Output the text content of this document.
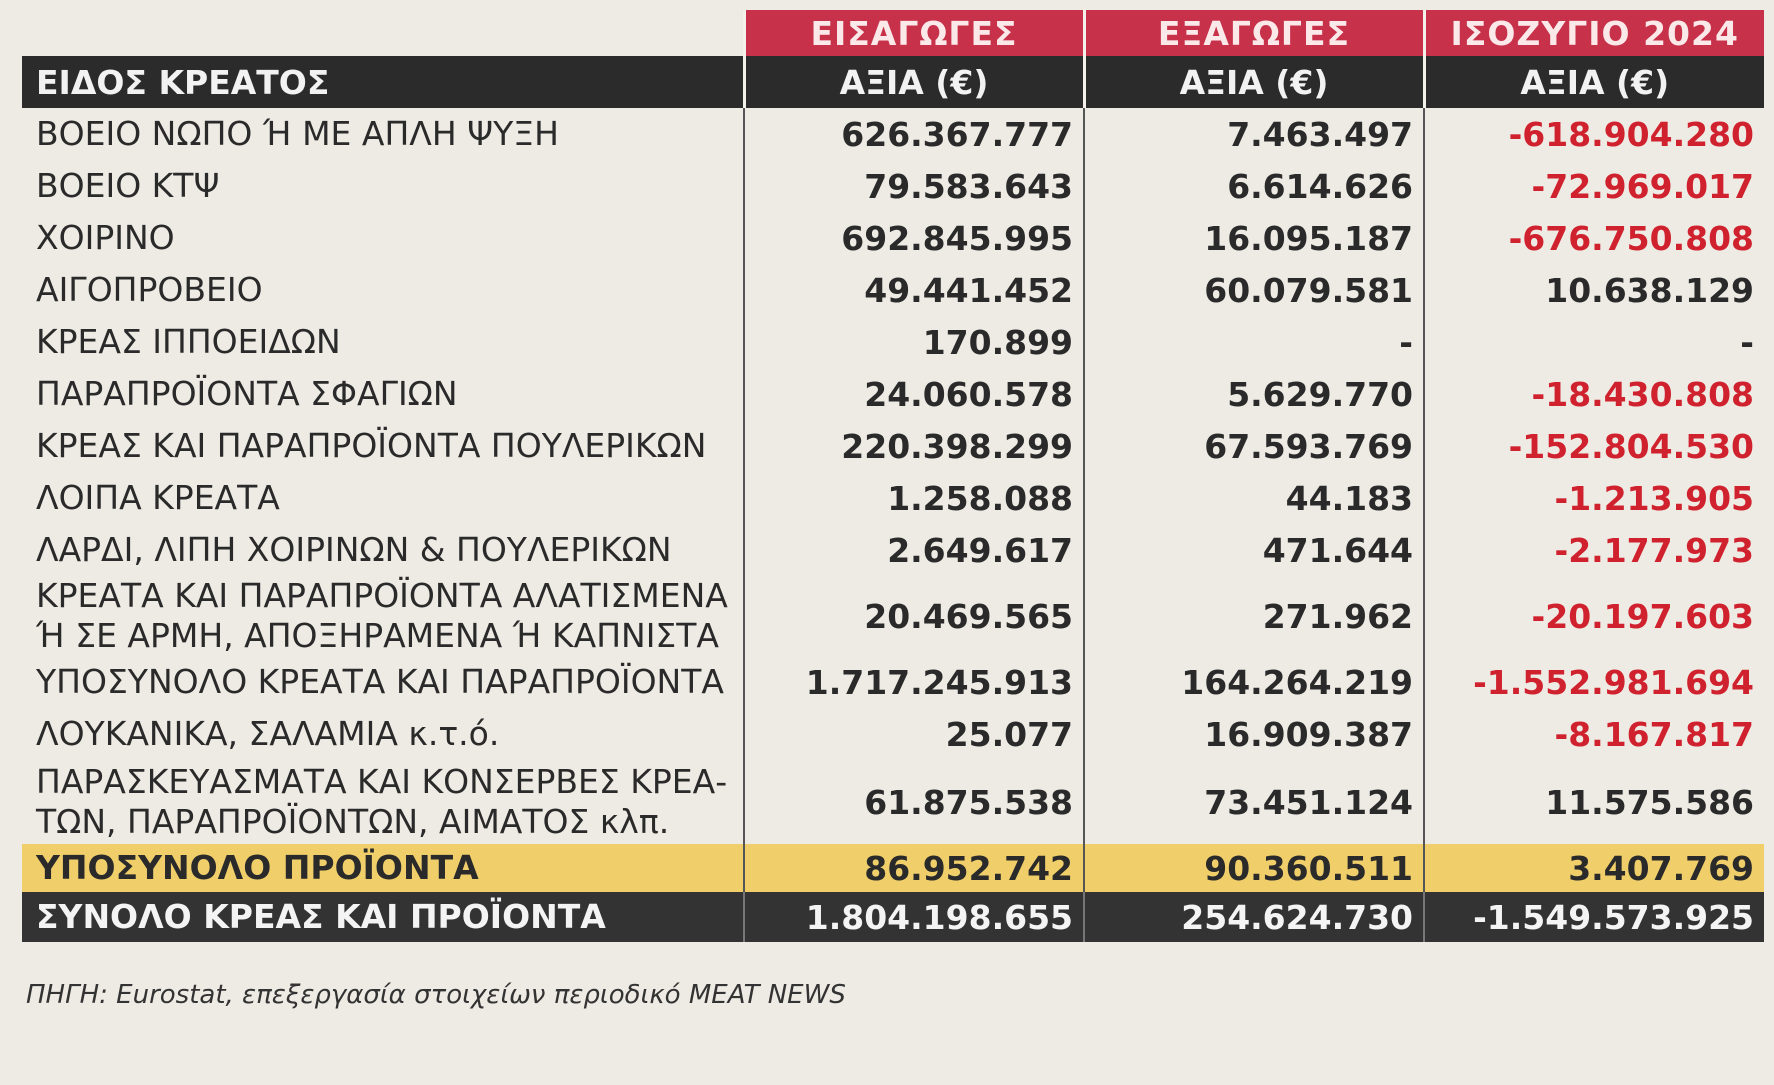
	ΕΙΣΑΓΩΓΕΣ	ΕΞΑΓΩΓΕΣ	ΙΣΟΖΥΓΙΟ 2024
ΕΙΔΟΣ ΚΡΕΑΤΟΣ	ΑΞΙΑ (€)	ΑΞΙΑ (€)	ΑΞΙΑ (€)
ΒΟΕΙΟ ΝΩΠΟ Ή ΜΕ ΑΠΛΗ ΨΥΞΗ	626.367.777	7.463.497	-618.904.280
ΒΟΕΙΟ ΚΤΨ	79.583.643	6.614.626	-72.969.017
ΧΟΙΡΙΝΟ	692.845.995	16.095.187	-676.750.808
ΑΙΓΟΠΡΟΒΕΙΟ	49.441.452	60.079.581	10.638.129
ΚΡΕΑΣ ΙΠΠΟΕΙΔΩΝ	170.899	-	-
ΠΑΡΑΠΡΟΪΟΝΤΑ ΣΦΑΓΙΩΝ	24.060.578	5.629.770	-18.430.808
ΚΡΕΑΣ ΚΑΙ ΠΑΡΑΠΡΟΪΟΝΤΑ ΠΟΥΛΕΡΙΚΩΝ	220.398.299	67.593.769	-152.804.530
ΛΟΙΠΑ ΚΡΕΑΤΑ	1.258.088	44.183	-1.213.905
ΛΑΡΔΙ, ΛΙΠΗ ΧΟΙΡΙΝΩΝ & ΠΟΥΛΕΡΙΚΩΝ	2.649.617	471.644	-2.177.973

ΚΡΕΑΤΑ ΚΑΙ ΠΑΡΑΠΡΟΪΟΝΤΑ ΑΛΑΤΙΣΜΕΝΑ
Ή ΣΕ ΑΡΜΗ, ΑΠΟΞΗΡΑΜΕΝΑ Ή ΚΑΠΝΙΣΤΑ	20.469.565	271.962	-20.197.603
ΥΠΟΣΥΝΟΛΟ ΚΡΕΑΤΑ ΚΑΙ ΠΑΡΑΠΡΟΪΟΝΤΑ	1.717.245.913	164.264.219	-1.552.981.694
ΛΟΥΚΑΝΙΚΑ, ΣΑΛΑΜΙΑ κ.τ.ό.	25.077	16.909.387	-8.167.817

ΠΑΡΑΣΚΕΥΑΣΜΑΤΑ ΚΑΙ ΚΟΝΣΕΡΒΕΣ ΚΡΕΑ-
ΤΩΝ, ΠΑΡΑΠΡΟΪΟΝΤΩΝ, ΑΙΜΑΤΟΣ κλπ.	61.875.538	73.451.124	11.575.586
ΥΠΟΣΥΝΟΛΟ ΠΡΟΪΟΝΤΑ	86.952.742	90.360.511	3.407.769
ΣΥΝΟΛΟ ΚΡΕΑΣ ΚΑΙ ΠΡΟΪΟΝΤΑ	1.804.198.655	254.624.730	-1.549.573.925
ΠΗΓΗ: Eurostat, επεξεργασία στοιχείων περιοδικό MEAT NEWS
